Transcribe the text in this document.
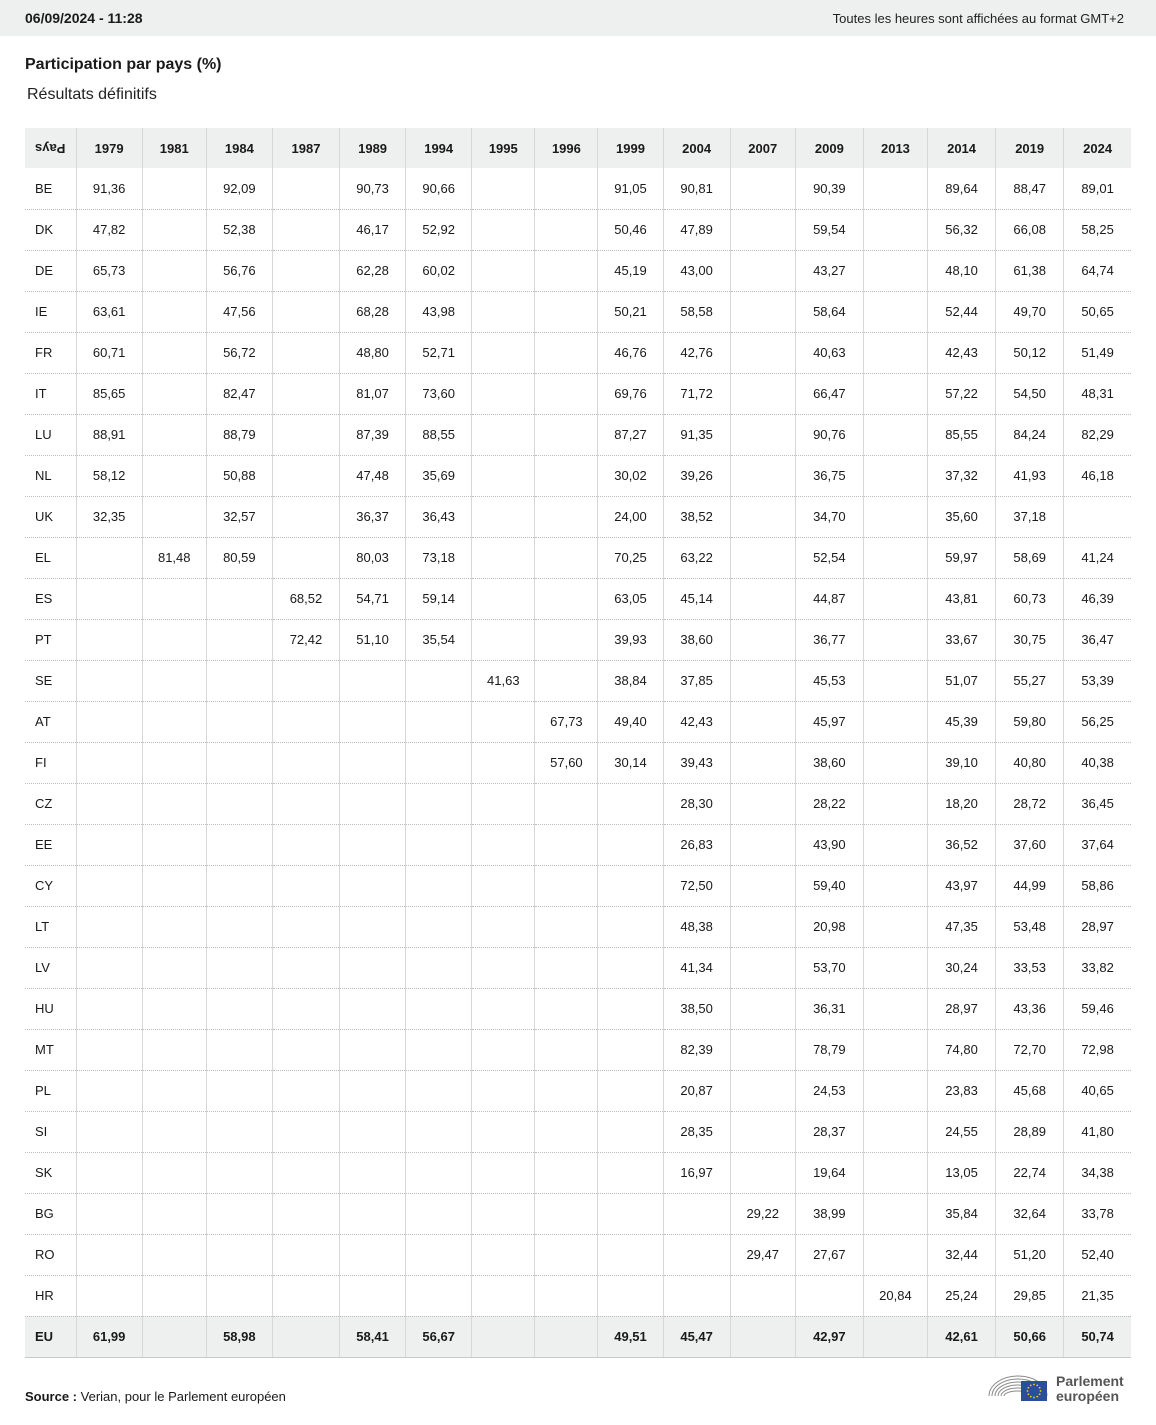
06/09/2024 - 11:28	Toutes les heures sont affichées au format GMT+2
Participation par pays (%)
Résultats définitifs
Pays	1979	1981	1984	1987	1989	1994	1995	1996	1999	2004	2007	2009	2013	2014	2019	2024
BE	91,36		92,09		90,73	90,66			91,05	90,81		90,39		89,64	88,47	89,01
DK	47,82		52,38		46,17	52,92			50,46	47,89		59,54		56,32	66,08	58,25
DE	65,73		56,76		62,28	60,02			45,19	43,00		43,27		48,10	61,38	64,74
IE	63,61		47,56		68,28	43,98			50,21	58,58		58,64		52,44	49,70	50,65
FR	60,71		56,72		48,80	52,71			46,76	42,76		40,63		42,43	50,12	51,49
IT	85,65		82,47		81,07	73,60			69,76	71,72		66,47		57,22	54,50	48,31
LU	88,91		88,79		87,39	88,55			87,27	91,35		90,76		85,55	84,24	82,29
NL	58,12		50,88		47,48	35,69			30,02	39,26		36,75		37,32	41,93	46,18
UK	32,35		32,57		36,37	36,43			24,00	38,52		34,70		35,60	37,18	
EL		81,48	80,59		80,03	73,18			70,25	63,22		52,54		59,97	58,69	41,24
ES				68,52	54,71	59,14			63,05	45,14		44,87		43,81	60,73	46,39
PT				72,42	51,10	35,54			39,93	38,60		36,77		33,67	30,75	36,47
SE							41,63		38,84	37,85		45,53		51,07	55,27	53,39
AT								67,73	49,40	42,43		45,97		45,39	59,80	56,25
FI								57,60	30,14	39,43		38,60		39,10	40,80	40,38
CZ										28,30		28,22		18,20	28,72	36,45
EE										26,83		43,90		36,52	37,60	37,64
CY										72,50		59,40		43,97	44,99	58,86
LT										48,38		20,98		47,35	53,48	28,97
LV										41,34		53,70		30,24	33,53	33,82
HU										38,50		36,31		28,97	43,36	59,46
MT										82,39		78,79		74,80	72,70	72,98
PL										20,87		24,53		23,83	45,68	40,65
SI										28,35		28,37		24,55	28,89	41,80
SK										16,97		19,64		13,05	22,74	34,38
BG											29,22	38,99		35,84	32,64	33,78
RO											29,47	27,67		32,44	51,20	52,40
HR													20,84	25,24	29,85	21,35
EU	61,99		58,98		58,41	56,67			49,51	45,47		42,97		42,61	50,66	50,74
Source : Verian, pour le Parlement européen
Parlement
européen
